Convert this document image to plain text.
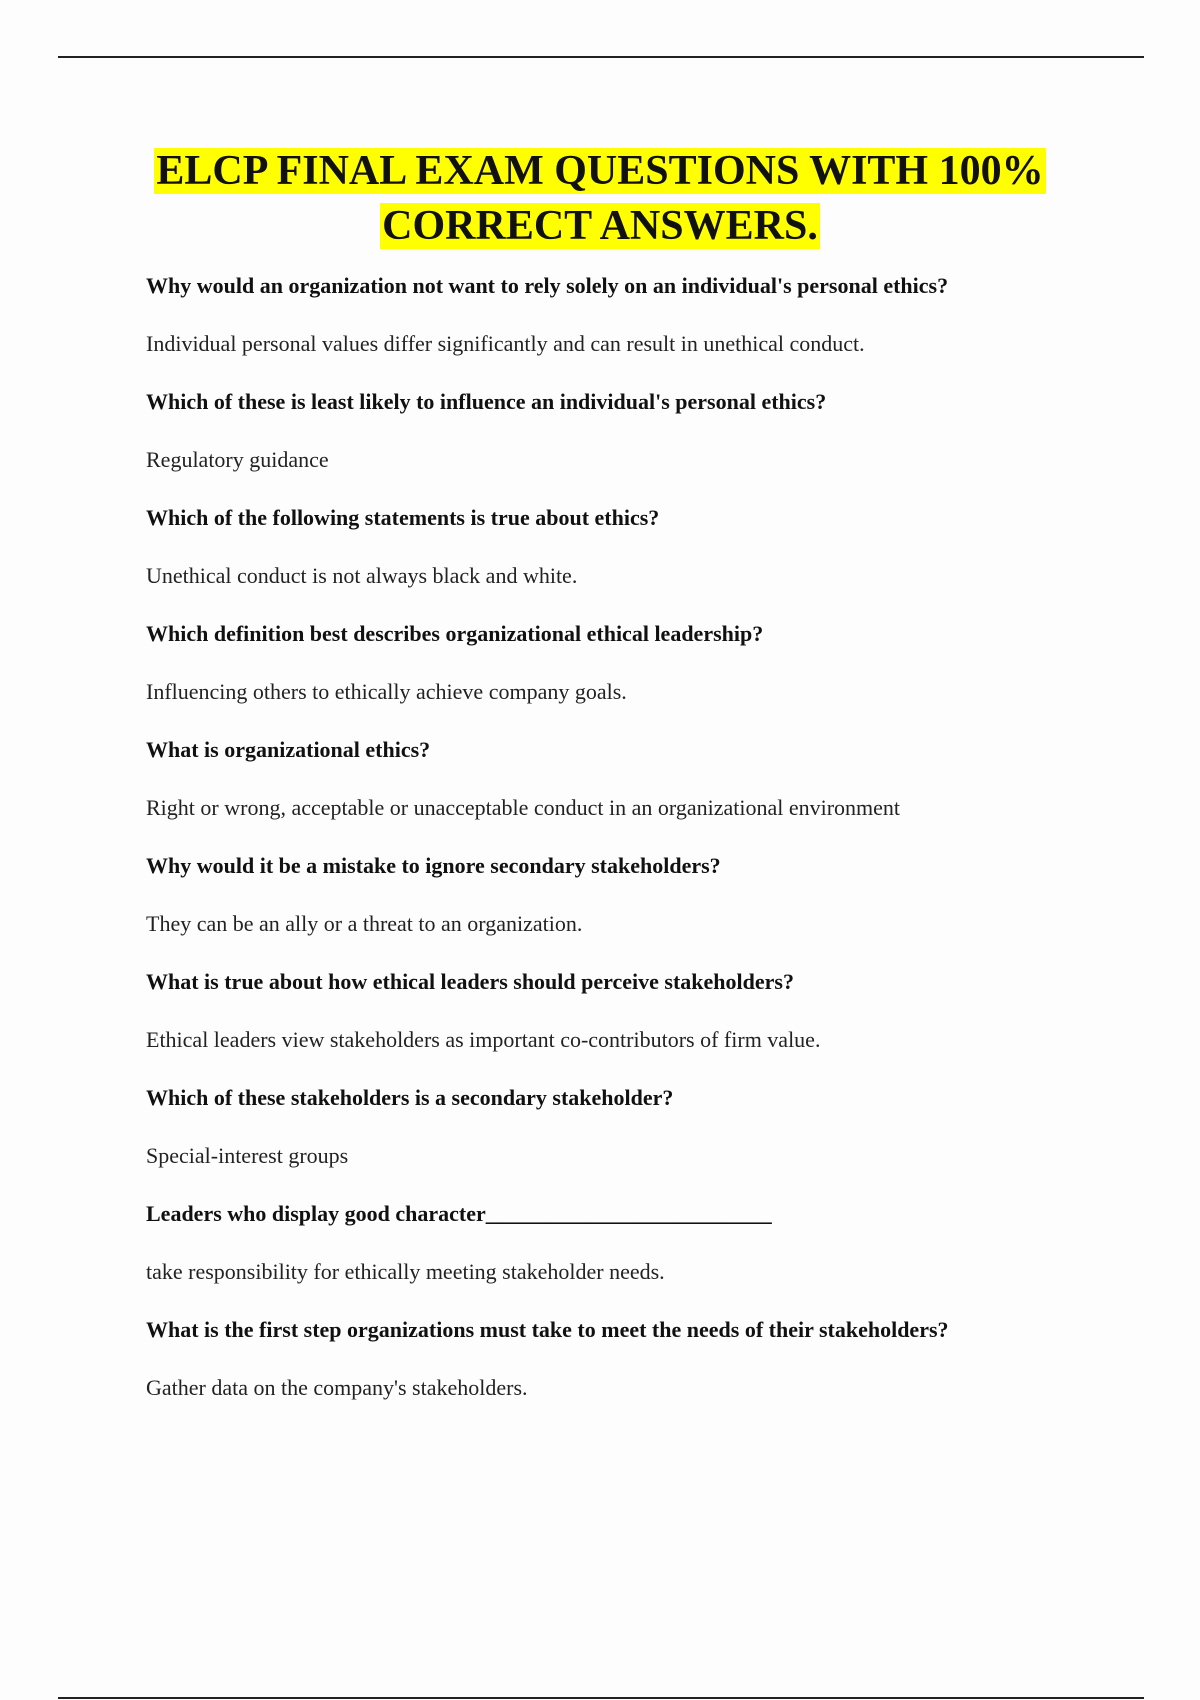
ELCP FINAL EXAM QUESTIONS WITH 100%
CORRECT ANSWERS.

Why would an organization not want to rely solely on an individual's personal ethics?

Individual personal values differ significantly and can result in unethical conduct.

Which of these is least likely to influence an individual's personal ethics?

Regulatory guidance

Which of the following statements is true about ethics?

Unethical conduct is not always black and white.

Which definition best describes organizational ethical leadership?

Influencing others to ethically achieve company goals.

What is organizational ethics?

Right or wrong, acceptable or unacceptable conduct in an organizational environment

Why would it be a mistake to ignore secondary stakeholders?

They can be an ally or a threat to an organization.

What is true about how ethical leaders should perceive stakeholders?

Ethical leaders view stakeholders as important co-contributors of firm value.

Which of these stakeholders is a secondary stakeholder?

Special-interest groups

Leaders who display good character__________________________

take responsibility for ethically meeting stakeholder needs.

What is the first step organizations must take to meet the needs of their stakeholders?

Gather data on the company's stakeholders.
